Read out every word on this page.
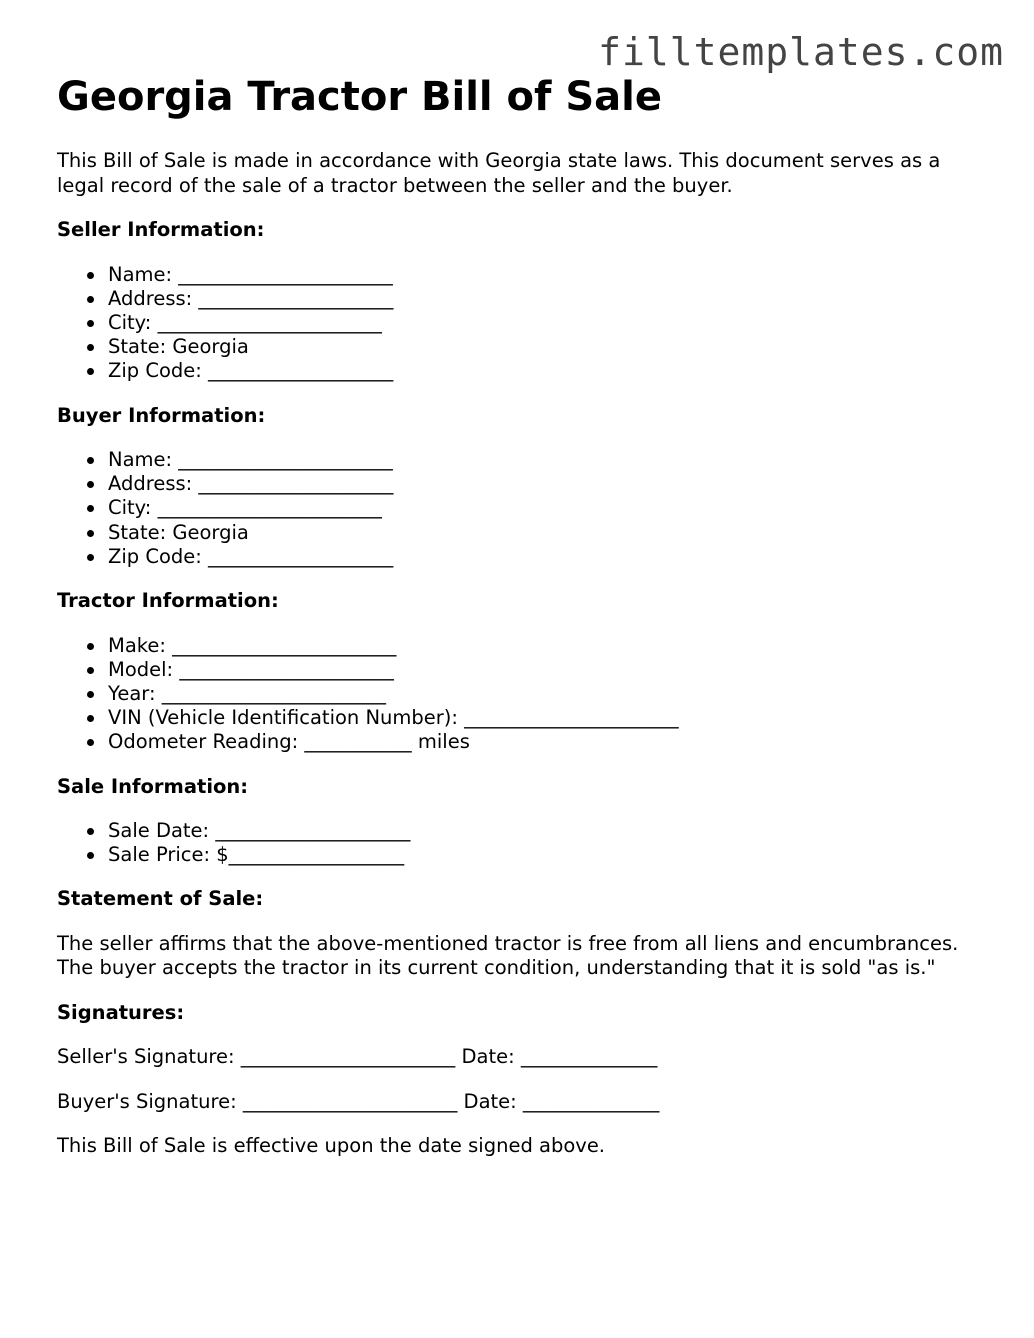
filltemplates.com
Georgia Tractor Bill of Sale

This Bill of Sale is made in accordance with Georgia state laws. This document serves as a legal record of the sale of a tractor between the seller and the buyer.

Seller Information:

Name: ______________________
Address: ____________________
City: _______________________
State: Georgia
Zip Code: ___________________

Buyer Information:

Name: ______________________
Address: ____________________
City: _______________________
State: Georgia
Zip Code: ___________________

Tractor Information:

Make: _______________________
Model: ______________________
Year: _______________________
VIN (Vehicle Identification Number): ______________________
Odometer Reading: ___________ miles

Sale Information:

Sale Date: ____________________
Sale Price: $__________________

Statement of Sale:

The seller affirms that the above-mentioned tractor is free from all liens and encumbrances. The buyer accepts the tractor in its current condition, understanding that it is sold "as is."

Signatures:

Seller's Signature: ______________________ Date: ______________

Buyer's Signature: ______________________ Date: ______________

This Bill of Sale is effective upon the date signed above.
